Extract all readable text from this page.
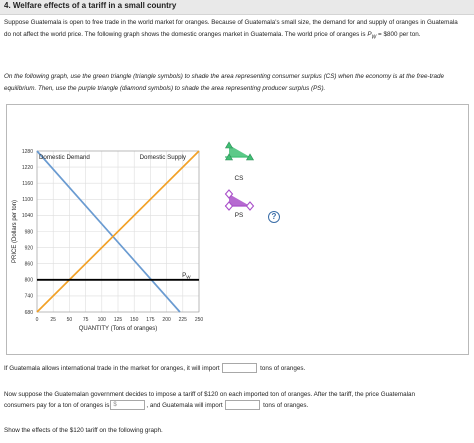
4. Welfare effects of a tariff in a small country
Suppose Guatemala is open to free trade in the world market for oranges. Because of Guatemala's small size, the demand for and supply of oranges in Guatemala do not affect the world price. The following graph shows the domestic oranges market in Guatemala. The world price of oranges is $P_W$ = $800 per ton.
On the following graph, use the green triangle (triangle symbols) to shade the area representing consumer surplus (CS) when the economy is at the free-trade equilibrium. Then, use the purple triangle (diamond symbols) to shade the area representing producer surplus (PS).
?
680
740
800
860
920
980
1040
1100
1160
1220
1280
0 25 50 75 100 125 150 175 200 225 250
Domestic Demand	Domestic Supply
$P_W$
PRICE (Dollars per ton)
QUANTITY (Tons of oranges)
CS
PS
If Guatemala allows international trade in the market for oranges, it will import	tons of oranges.
Now suppose the Guatemalan government decides to impose a tariff of $120 on each imported ton of oranges. After the tariff, the price Guatemalan
consumers pay for a ton of oranges is $	, and Guatemala will import	tons of oranges.
Show the effects of the $120 tariff on the following graph.
